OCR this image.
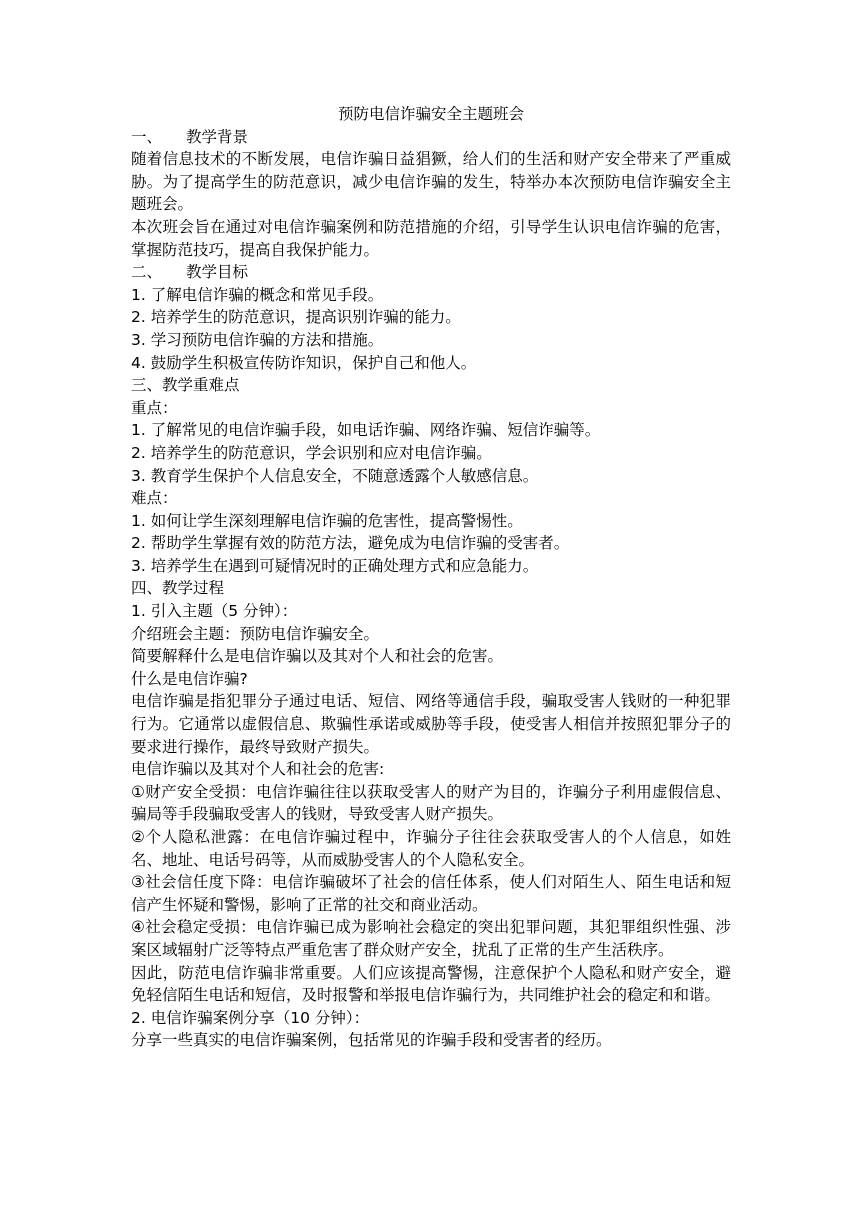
预防电信诈骗安全主题班会

一、 教学背景

随着信息技术的不断发展，电信诈骗日益猖獗，给人们的生活和财产安全带来了严重威胁。为了提高学生的防范意识，减少电信诈骗的发生，特举办本次预防电信诈骗安全主题班会。

本次班会旨在通过对电信诈骗案例和防范措施的介绍，引导学生认识电信诈骗的危害，掌握防范技巧，提高自我保护能力。

二、 教学目标

1. 了解电信诈骗的概念和常见手段。

2. 培养学生的防范意识，提高识别诈骗的能力。

3. 学习预防电信诈骗的方法和措施。

4. 鼓励学生积极宣传防诈知识，保护自己和他人。

三、教学重难点

重点：

1. 了解常见的电信诈骗手段，如电话诈骗、网络诈骗、短信诈骗等。

2. 培养学生的防范意识，学会识别和应对电信诈骗。

3. 教育学生保护个人信息安全，不随意透露个人敏感信息。

难点：

1. 如何让学生深刻理解电信诈骗的危害性，提高警惕性。

2. 帮助学生掌握有效的防范方法，避免成为电信诈骗的受害者。

3. 培养学生在遇到可疑情况时的正确处理方式和应急能力。

四、教学过程

1. 引入主题（5 分钟）：

介绍班会主题：预防电信诈骗安全。

简要解释什么是电信诈骗以及其对个人和社会的危害。

什么是电信诈骗?

电信诈骗是指犯罪分子通过电话、短信、网络等通信手段，骗取受害人钱财的一种犯罪行为。它通常以虚假信息、欺骗性承诺或威胁等手段，使受害人相信并按照犯罪分子的要求进行操作，最终导致财产损失。

电信诈骗以及其对个人和社会的危害:

①财产安全受损：电信诈骗往往以获取受害人的财产为目的，诈骗分子利用虚假信息、骗局等手段骗取受害人的钱财，导致受害人财产损失。

②个人隐私泄露：在电信诈骗过程中，诈骗分子往往会获取受害人的个人信息，如姓名、地址、电话号码等，从而威胁受害人的个人隐私安全。

③社会信任度下降：电信诈骗破坏了社会的信任体系，使人们对陌生人、陌生电话和短信产生怀疑和警惕，影响了正常的社交和商业活动。

④社会稳定受损：电信诈骗已成为影响社会稳定的突出犯罪问题，其犯罪组织性强、涉案区域辐射广泛等特点严重危害了群众财产安全，扰乱了正常的生产生活秩序。

因此，防范电信诈骗非常重要。人们应该提高警惕，注意保护个人隐私和财产安全，避免轻信陌生电话和短信，及时报警和举报电信诈骗行为，共同维护社会的稳定和和谐。

2. 电信诈骗案例分享（10 分钟）：

分享一些真实的电信诈骗案例，包括常见的诈骗手段和受害者的经历。
